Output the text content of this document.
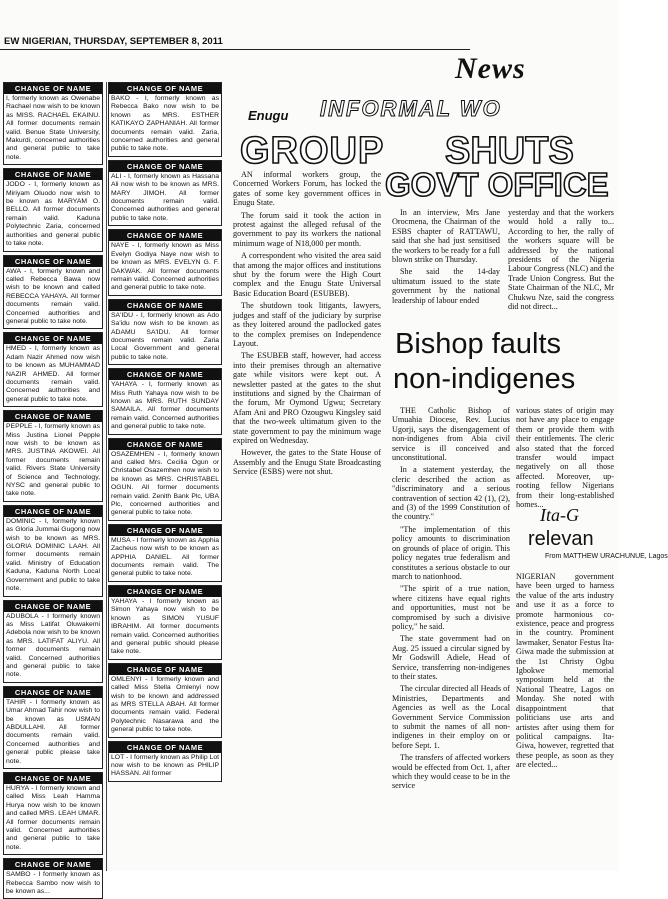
EW NIGERIAN, THURSDAY, SEPTEMBER 8, 2011
News
CHANGE OF NAME
I, formerly known as Owenabe Rachael now wish to be known as MISS. RACHAEL EKAINU. All former documents remain valid. Benue State University, Makurdi, concerned authorities and general public to take note.
CHANGE OF NAME
JODO - I, formerly known as Miriyam Oluodo now wish to be known as MARYAM O. BELLO. All former documents remain valid. Kaduna Polytechnic Zaria, concerned authorities and general public to take note.
CHANGE OF NAME
AWA - I, formerly known and called Rebecca Bawa now wish to be known and called REBECCA YAHAYA. All former documents remain valid. Concerned authorities and general public to take note.
CHANGE OF NAME
HMED - I, formerly known as Adam Nazir Ahmed now wish to be known as MUHAMMAD NAZIR AHMED. All former documents remain valid. Concerned authorities and general public to take note.
CHANGE OF NAME
PEPPLE - I, formerly known as Miss Justina Lionel Pepple now wish to be known as MRS. JUSTINA AKOWEI. All former documents remain valid. Rivers State University of Science and Technology, NYSC and general public to take note.
CHANGE OF NAME
DOMINIC - I, formerly known as Gloria Jummai Gugong now wish to be known as MRS. GLORIA DOMINIC LAAH. All former documents remain valid. Ministry of Education Kaduna, Kaduna North Local Government and public to take note.
CHANGE OF NAME
ADUBOLA - I formerly known as Miss Latifat Oluwakemi Adebola now wish to be known as MRS. LATIFAT ALIYU. All former documents remain valid. Concerned authorities and general public to take note.
CHANGE OF NAME
TAHIR - I formerly known as Umar Ahmad Tahir now wish to be known as USMAN ABDULLAHI. All former documents remain valid. Concerned authorities and general public please take note.
CHANGE OF NAME
HURYA - I formerly known and called Miss Leah Hamma Hurya now wish to be known and called MRS. LEAH UMAR. All former documents remain valid. Concerned authorities and general public to take note.
CHANGE OF NAME
SAMBO - I formerly known as Rebecca Sambo now wish to be known as...
CHANGE OF NAME
BAKO - I, formerly known as Rebecca Bako now wish to be known as MRS. ESTHER KATIKAYO ZAPHANIAH. All former documents remain valid. Zaria, concerned authorities and general public to take note.
CHANGE OF NAME
ALI - I, formerly known as Hassana Ali now wish to be known as MRS. MARY JIMOH. All former documents remain valid. Concerned authorities and general public to take note.
CHANGE OF NAME
NAYE - I, formerly known as Miss Evelyn Godiya Naye now wish to be known as MRS. EVELYN G. F. DAKWAK. All former documents remain valid. Concerned authorities and general public to take note.
CHANGE OF NAME
SA'IDU - I, formerly known as Ado Sa'idu now wish to be known as ADAMU SA'IDU. All former documents remain valid. Zaria Local Government and general public to take note.
CHANGE OF NAME
YAHAYA - I, formerly known as Miss Ruth Yahaya now wish to be known as MRS. RUTH SUNDAY SAMAILA. All former documents remain valid. Concerned authorities and general public to take note.
CHANGE OF NAME
OSAZEMHEN - I, formerly known and called Mrs. Cecilia Ogun or Christabel Osazemhen now wish to be known as MRS. CHRISTABEL OGUN. All former documents remain valid. Zenith Bank Plc, UBA Plc, concerned authorities and general public to take note.
CHANGE OF NAME
MUSA - I formerly known as Apphia Zacheus now wish to be known as APPHIA DANIEL. All former documents remain valid. The general public to take note.
CHANGE OF NAME
YAHAYA - I formerly known as Simon Yahaya now wish to be known as SIMON YUSUF IBRAHIM. All former documents remain valid. Concerned authorities and general public should please take note.
CHANGE OF NAME
OMLENYI - I formerly known and called Miss Stella Omlenyi now wish to be known and addressed as MRS STELLA ABAH. All former documents remain valid. Federal Polytechnic Nasarawa and the general public to take note.
CHANGE OF NAME
LOT - I formerly known as Philip Lot now wish to be known as PHILIP HASSAN. All former
Enugu INFORMAL WO
GROUP SHUTS
GOVT OFFICE

AN informal workers group, the Concerned Workers Forum, has locked the gates of some key government offices in Enugu State.

The forum said it took the action in protest against the alleged refusal of the government to pay its workers the national minimum wage of N18,000 per month.

A correspondent who visited the area said that among the major offices and institutions shut by the forum were the High Court complex and the Enugu State Universal Basic Education Board (ESUBEB).

The shutdown took litigants, lawyers, judges and staff of the judiciary by surprise as they loitered around the padlocked gates to the complex premises on Independence Layout.

The ESUBEB staff, however, had access into their premises through an alternative gate while visitors were kept out. A newsletter pasted at the gates to the shut institutions and signed by the Chairman of the forum, Mr Oymond Ugwu; Secretary Afam Ani and PRO Ozougwu Kingsley said that the two-week ultimatum given to the state government to pay the minimum wage expired on Wednesday.

However, the gates to the State House of Assembly and the Enugu State Broadcasting Service (ESBS) were not shut.

In an interview, Mrs Jane Orocmena, the Chairman of the ESBS chapter of RATTAWU, said that she had just sensitised the workers to be ready for a full blown strike on Thursday.

She said the 14-day ultimatum issued to the state government by the national leadership of labour ended

yesterday and that the workers would hold a rally to... According to her, the rally of the workers square will be addressed by the national presidents of the Nigeria Labour Congress (NLC) and the Trade Union Congress. But the State Chairman of the NLC, Mr Chukwu Nze, said the congress did not direct...
Bishop faults
non-indigenes

THE Catholic Bishop of Umuahia Diocese, Rev. Lucius Ugorji, says the disengagement of non-indigenes from Abia civil service is ill conceived and unconstitutional.

In a statement yesterday, the cleric described the action as "discriminatory and a serious contravention of section 42 (1), (2), and (3) of the 1999 Constitution of the country."

"The implementation of this policy amounts to discrimination on grounds of place of origin. This policy negates true federalism and constitutes a serious obstacle to our march to nationhood.

"The spirit of a true nation, where citizens have equal rights and opportunities, must not be compromised by such a divisive policy," he said.

The state government had on Aug. 25 issued a circular signed by Mr Godswill Adiele, Head of Service, transferring non-indigenes to their states.

The circular directed all Heads of Ministries, Departments and Agencies as well as the Local Government Service Commission to submit the names of all non-indigenes in their employ on or before Sept. 1.

The transfers of affected workers would be effected from Oct. 1, after which they would cease to be in the service

various states of origin may not have any place to engage them or provide them with their entitlements. The cleric also stated that the forced transfer would impact negatively on all those affected. Moreover, up-rooting fellow Nigerians from their long-established homes...
Ita-G
relevan
From MATTHEW URACHUNUE, Lagos
NIGERIAN government have been urged to harness the value of the arts industry and use it as a force to promote harmonious co-existence, peace and progress in the country. Prominent lawmaker, Senator Festus Ita-Giwa made the submission at the 1st Christy Ogbu Igbokwe memorial symposium held at the National Theatre, Lagos on Monday. She noted with disappointment that politicians use arts and artistes after using them for political campaigns. Ita-Giwa, however, regretted that these people, as soon as they are elected...
